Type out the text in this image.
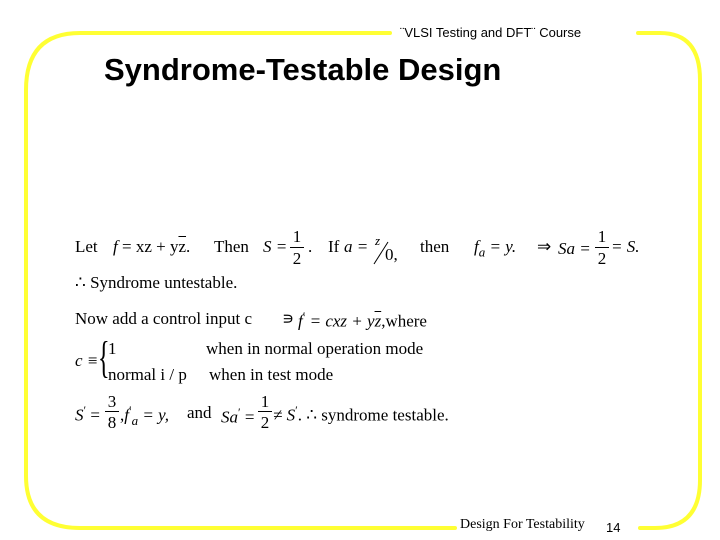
¨VLSI Testing and DFT¨ Course
Syndrome-Testable Design
Let f = xz + $y\overline{z}$. Then S =
1
2
. If a = z
0, then $f_a = y$. ⇒ Sa =
1
2
= S.
∴ Syndrome untestable.
Now add a control input c ∍ f′ = cxz + $y\overline{z},where$
c ≡ {
1	when in normal operation mode
normal i / p when in test mode
S′ =
3
8 $,f'_a = y$, and Sa′ =
1
2 ≠ S′. ∴ syndrome testable.
Design For Testability 14
